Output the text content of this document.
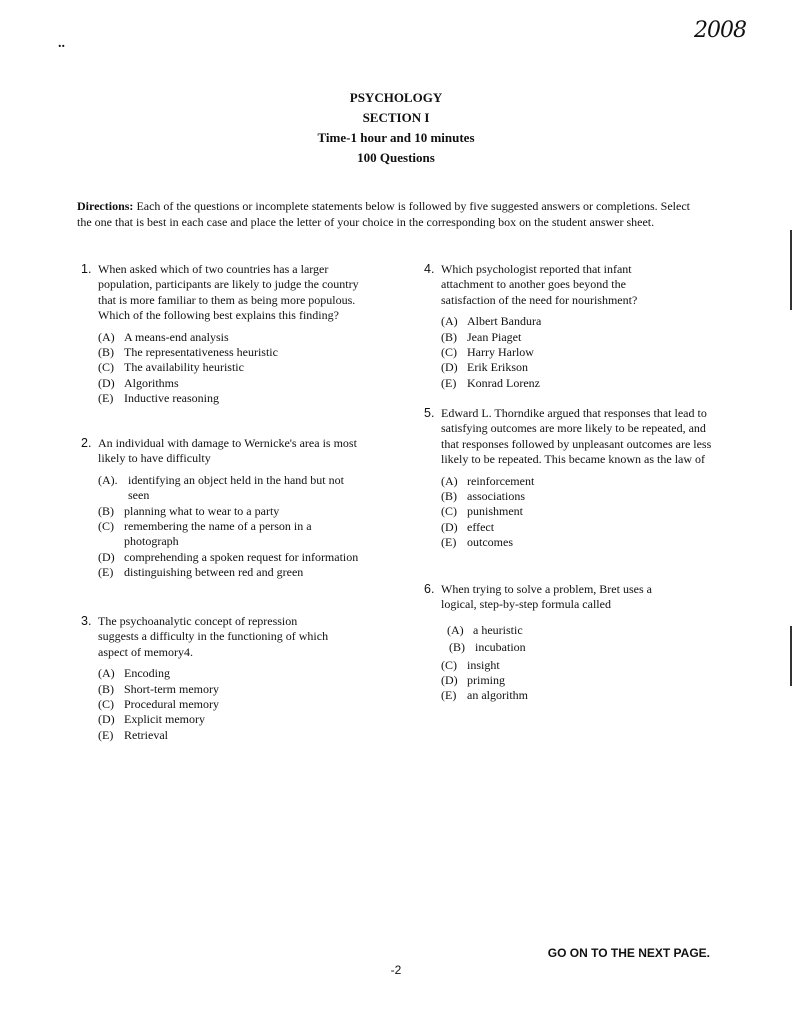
2008
..
PSYCHOLOGY
SECTION I
Time-1 hour and 10 minutes
100 Questions
Directions: Each of the questions or incomplete statements below is followed by five suggested answers or completions. Select the one that is best in each case and place the letter of your choice in the corresponding box on the student answer sheet.
1. When asked which of two countries has a larger population, participants are likely to judge the country that is more familiar to them as being more populous. Which of the following best explains this finding?
(A) A means-end analysis
(B) The representativeness heuristic
(C) The availability heuristic
(D) Algorithms
(E) Inductive reasoning
2. An individual with damage to Wernicke's area is most likely to have difficulty
(A). identifying an object held in the hand but not seen
(B) planning what to wear to a party
(C) remembering the name of a person in a photograph
(D) comprehending a spoken request for information
(E) distinguishing between red and green
3. The psychoanalytic concept of repression suggests a difficulty in the functioning of which aspect of memory4.
(A) Encoding
(B) Short-term memory
(C) Procedural memory
(D) Explicit memory
(E) Retrieval
4. Which psychologist reported that infant attachment to another goes beyond the satisfaction of the need for nourishment?
(A) Albert Bandura
(B) Jean Piaget
(C) Harry Harlow
(D) Erik Erikson
(E) Konrad Lorenz
5. Edward L. Thorndike argued that responses that lead to satisfying outcomes are more likely to be repeated, and that responses followed by unpleasant outcomes are less likely to be repeated. This became known as the law of
(A) reinforcement
(B) associations
(C) punishment
(D) effect
(E) outcomes
6. When trying to solve a problem, Bret uses a logical, step-by-step formula called
(A) a heuristic
(B) incubation
(C) insight
(D) priming
(E) an algorithm
GO ON TO THE NEXT PAGE.
-2
